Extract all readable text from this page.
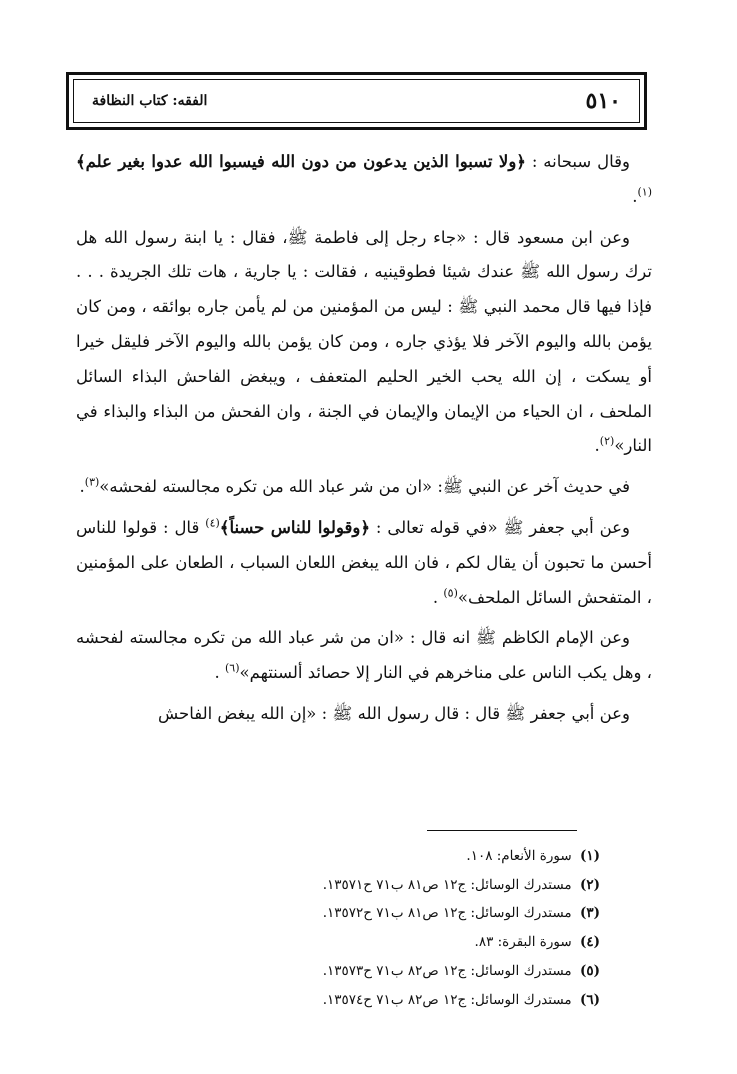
٥١٠
الفقه: كتاب النظافة

وقال سبحانه : ﴿ولا تسبوا الذين يدعون من دون الله فيسبوا الله عدوا بغير علم﴾$^{(١)}$.

وعن ابن مسعود قال : «جاء رجل إلى فاطمة ﷺ، فقال : يا ابنة رسول الله هل ترك رسول الله ﷺ عندك شيئا فطوقينيه ، فقالت : يا جارية ، هات تلك الجريدة . . . فإذا فيها قال محمد النبي ﷺ : ليس من المؤمنين من لم يأمن جاره بوائقه ، ومن كان يؤمن بالله واليوم الآخر فلا يؤذي جاره ، ومن كان يؤمن بالله واليوم الآخر فليقل خيرا أو يسكت ، إن الله يحب الخير الحليم المتعفف ، ويبغض الفاحش البذاء السائل الملحف ، ان الحياء من الإيمان والإيمان في الجنة ، وان الفحش من البذاء والبذاء في النار»$^{(٢)}$.

في حديث آخر عن النبي ﷺ: «ان من شر عباد الله من تكره مجالسته لفحشه»$^{(٣)}$.

وعن أبي جعفر ﷺ «في قوله تعالى : ﴿وقولوا للناس حسناً﴾$^{(٤)}$ قال : قولوا للناس أحسن ما تحبون أن يقال لكم ، فان الله يبغض اللعان السباب ، الطعان على المؤمنين ، المتفحش السائل الملحف»$^{(٥)}$ .

وعن الإمام الكاظم ﷺ انه قال : «ان من شر عباد الله من تكره مجالسته لفحشه ، وهل يكب الناس على مناخرهم في النار إلا حصائد ألسنتهم»$^{(٦)}$ .

وعن أبي جعفر ﷺ قال : قال رسول الله ﷺ : «إن الله يبغض الفاحش

(١) سورة الأنعام: ١٠٨.
(٢) مستدرك الوسائل: ج١٢ ص٨١ ب٧١ ح١٣٥٧١.
(٣) مستدرك الوسائل: ج١٢ ص٨١ ب٧١ ح١٣٥٧٢.
(٤) سورة البقرة: ٨٣.
(٥) مستدرك الوسائل: ج١٢ ص٨٢ ب٧١ ح١٣٥٧٣.
(٦) مستدرك الوسائل: ج١٢ ص٨٢ ب٧١ ح١٣٥٧٤.
